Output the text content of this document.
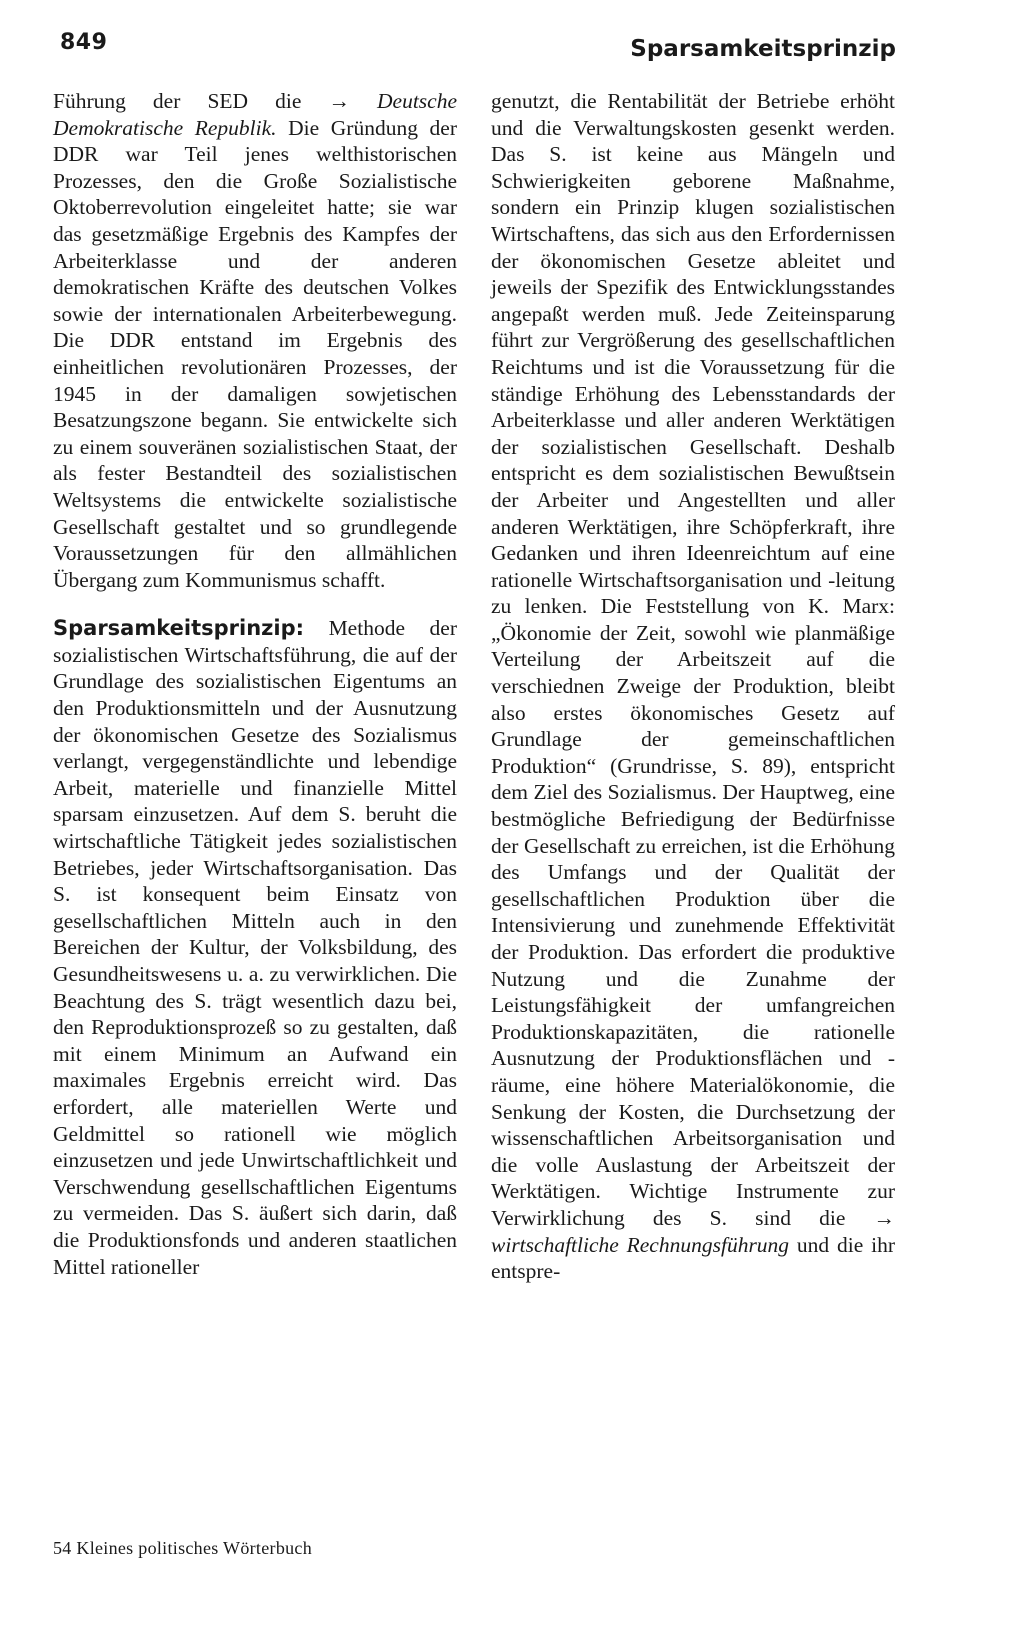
849	Sparsamkeitsprinzip

Führung der SED die → Deutsche Demokratische Republik. Die Gründung der DDR war Teil jenes welthistorischen Prozesses, den die Große Sozialistische Oktoberrevolution eingeleitet hatte; sie war das gesetzmäßige Ergebnis des Kampfes der Arbeiterklasse und der anderen demokratischen Kräfte des deutschen Volkes sowie der internationalen Arbeiterbewegung. Die DDR entstand im Ergebnis des einheitlichen revolutionären Prozesses, der 1945 in der damaligen sowjetischen Besatzungszone begann. Sie entwickelte sich zu einem souveränen sozialistischen Staat, der als fester Bestandteil des sozialistischen Weltsystems die entwickelte sozialistische Gesellschaft gestaltet und so grundlegende Voraussetzungen für den allmählichen Übergang zum Kommunismus schafft.

Sparsamkeitsprinzip: Methode der sozialistischen Wirtschaftsführung, die auf der Grundlage des sozialistischen Eigentums an den Produktionsmitteln und der Ausnutzung der ökonomischen Gesetze des Sozialismus verlangt, vergegenständlichte und lebendige Arbeit, materielle und finanzielle Mittel sparsam einzusetzen. Auf dem S. beruht die wirtschaftliche Tätigkeit jedes sozialistischen Betriebes, jeder Wirtschaftsorganisation. Das S. ist konsequent beim Einsatz von gesellschaftlichen Mitteln auch in den Bereichen der Kultur, der Volksbildung, des Gesundheitswesens u. a. zu verwirklichen. Die Beachtung des S. trägt wesentlich dazu bei, den Reproduktionsprozeß so zu gestalten, daß mit einem Minimum an Aufwand ein maximales Ergebnis erreicht wird. Das erfordert, alle materiellen Werte und Geldmittel so rationell wie möglich einzusetzen und jede Unwirtschaftlichkeit und Verschwendung gesellschaftlichen Eigentums zu vermeiden. Das S. äußert sich darin, daß die Produktionsfonds und anderen staatlichen Mittel rationeller

genutzt, die Rentabilität der Betriebe erhöht und die Verwaltungskosten gesenkt werden. Das S. ist keine aus Mängeln und Schwierigkeiten geborene Maßnahme, sondern ein Prinzip klugen sozialistischen Wirtschaftens, das sich aus den Erfordernissen der ökonomischen Gesetze ableitet und jeweils der Spezifik des Entwicklungsstandes angepaßt werden muß. Jede Zeiteinsparung führt zur Vergrößerung des gesellschaftlichen Reichtums und ist die Voraussetzung für die ständige Erhöhung des Lebensstandards der Arbeiterklasse und aller anderen Werktätigen der sozialistischen Gesellschaft. Deshalb entspricht es dem sozialistischen Bewußtsein der Arbeiter und Angestellten und aller anderen Werktätigen, ihre Schöpferkraft, ihre Gedanken und ihren Ideenreichtum auf eine rationelle Wirtschaftsorganisation und -leitung zu lenken. Die Feststellung von K. Marx: „Ökonomie der Zeit, sowohl wie planmäßige Verteilung der Arbeitszeit auf die verschiednen Zweige der Produktion, bleibt also erstes ökonomisches Gesetz auf Grundlage der gemeinschaftlichen Produktion“ (Grundrisse, S. 89), entspricht dem Ziel des Sozialismus. Der Hauptweg, eine bestmögliche Befriedigung der Bedürfnisse der Gesellschaft zu erreichen, ist die Erhöhung des Umfangs und der Qualität der gesellschaftlichen Produktion über die Intensivierung und zunehmende Effektivität der Produktion. Das erfordert die produktive Nutzung und die Zunahme der Leistungsfähigkeit der umfangreichen Produktionskapazitäten, die rationelle Ausnutzung der Produktionsflächen und -räume, eine höhere Materialökonomie, die Senkung der Kosten, die Durchsetzung der wissenschaftlichen Arbeitsorganisation und die volle Auslastung der Arbeitszeit der Werktätigen. Wichtige Instrumente zur Verwirklichung des S. sind die → wirtschaftliche Rechnungsführung und die ihr entspre-

54 Kleines politisches Wörterbuch
